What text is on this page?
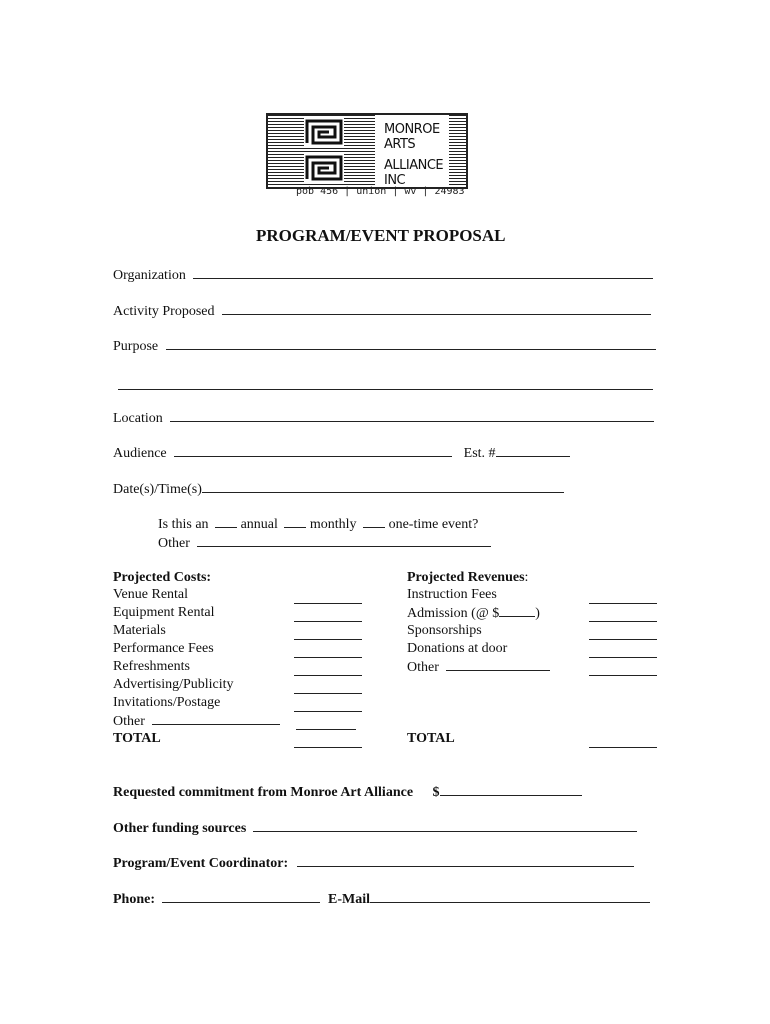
MONROE ARTS
ALLIANCE INC
pob 456 | union | wv | 24983
PROGRAM/EVENT PROPOSAL
Organization
Activity Proposed
Purpose
Location
Audience	Est. #
Date(s)/Time(s)
Is this an annual monthly one-time event?
Other
Projected Costs:
Venue Rental
Equipment Rental
Materials
Performance Fees
Refreshments
Advertising/Publicity
Invitations/Postage
Other
TOTAL
Projected Revenues:
Instruction Fees
Admission (@ $	)
Sponsorships
Donations at door
Other
TOTAL
Requested commitment from Monroe Art Alliance $
Other funding sources
Program/Event Coordinator:
Phone:	E-Mail
